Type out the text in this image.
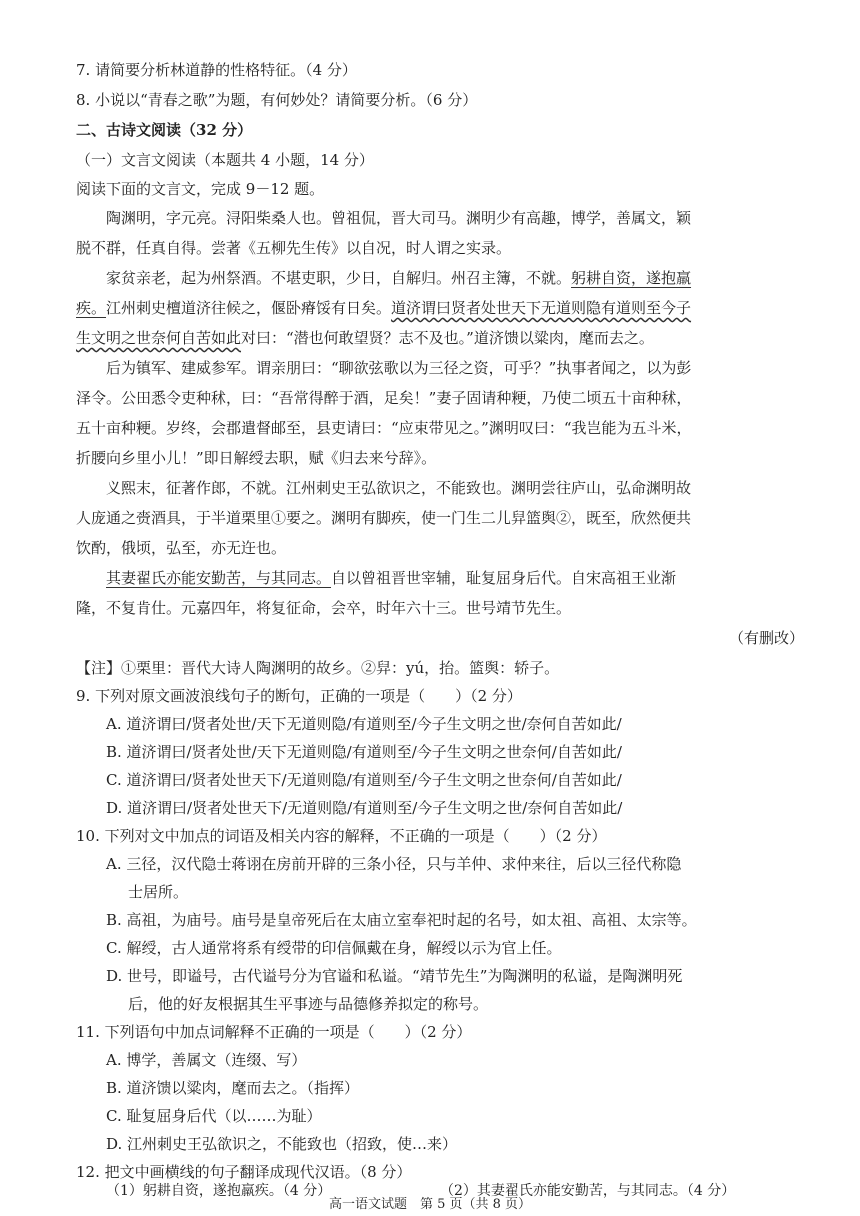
7. 请简要分析林道静的性格特征。（4 分）
8. 小说以“青春之歌”为题，有何妙处？请简要分析。（6 分）
二、古诗文阅读（32 分）
（一）文言文阅读（本题共 4 小题，14 分）
阅读下面的文言文，完成 9－12 题。
陶渊明，字元亮。浔阳柴桑人也。曾祖侃，晋大司马。渊明少有高趣，博学，善属文，颖
脱不群，任真自得。尝著《五柳先生传》以自况，时人谓之实录。
家贫亲老，起为州祭酒。不堪吏职，少日，自解归。州召主簿，不就。躬耕自资，遂抱羸
疾。江州刺史檀道济往候之，偃卧瘠馁有日矣。道济谓曰贤者处世天下无道则隐有道则至今子
生文明之世奈何自苦如此对曰：“潜也何敢望贤？志不及也。”道济馈以粱肉，麾而去之。
后为镇军、建威参军。谓亲朋曰：“聊欲弦歌以为三径之资，可乎？”执事者闻之，以为彭
泽令。公田悉令吏种秫，曰：“吾常得醉于酒，足矣！”妻子固请种粳，乃使二顷五十亩种秫，
五十亩种粳。岁终，会郡遣督邮至，县吏请曰：“应束带见之。”渊明叹曰：“我岂能为五斗米，
折腰向乡里小儿！”即日解绶去职，赋《归去来兮辞》。
义熙末，征著作郎，不就。江州刺史王弘欲识之，不能致也。渊明尝往庐山，弘命渊明故
人庞通之赍酒具，于半道栗里①要之。渊明有脚疾，使一门生二儿舁篮舆②，既至，欣然便共
饮酌，俄顷，弘至，亦无迕也。
其妻翟氏亦能安勤苦，与其同志。自以曾祖晋世宰辅，耻复屈身后代。自宋高祖王业渐
隆，不复肯仕。元嘉四年，将复征命，会卒，时年六十三。世号靖节先生。
（有删改）
【注】①栗里：晋代大诗人陶渊明的故乡。②舁：yú，抬。篮舆：轿子。
9. 下列对原文画波浪线句子的断句，正确的一项是（　　）（2 分）
A. 道济谓曰/贤者处世/天下无道则隐/有道则至/今子生文明之世/奈何自苦如此/
B. 道济谓曰/贤者处世/天下无道则隐/有道则至/今子生文明之世奈何/自苦如此/
C. 道济谓曰/贤者处世天下/无道则隐/有道则至/今子生文明之世奈何/自苦如此/
D. 道济谓曰/贤者处世天下/无道则隐/有道则至/今子生文明之世/奈何自苦如此/
10. 下列对文中加点的词语及相关内容的解释，不正确的一项是（　　）（2 分）
A. 三径，汉代隐士蒋诩在房前开辟的三条小径，只与羊仲、求仲来往，后以三径代称隐
士居所。
B. 高祖，为庙号。庙号是皇帝死后在太庙立室奉祀时起的名号，如太祖、高祖、太宗等。
C. 解绶，古人通常将系有绶带的印信佩戴在身，解绶以示为官上任。
D. 世号，即谥号，古代谥号分为官谥和私谥。“靖节先生”为陶渊明的私谥，是陶渊明死
后，他的好友根据其生平事迹与品德修养拟定的称号。
11. 下列语句中加点词解释不正确的一项是（　　）（2 分）
A. 博学，善属文（连缀、写）
B. 道济馈以粱肉，麾而去之。（指挥）
C. 耻复屈身后代（以……为耻）
D. 江州刺史王弘欲识之，不能致也（招致，使…来）
12. 把文中画横线的句子翻译成现代汉语。（8 分）
（1）躬耕自资，遂抱羸疾。（4 分）	（2）其妻翟氏亦能安勤苦，与其同志。（4 分）
高一语文试题　第 5 页（共 8 页）
